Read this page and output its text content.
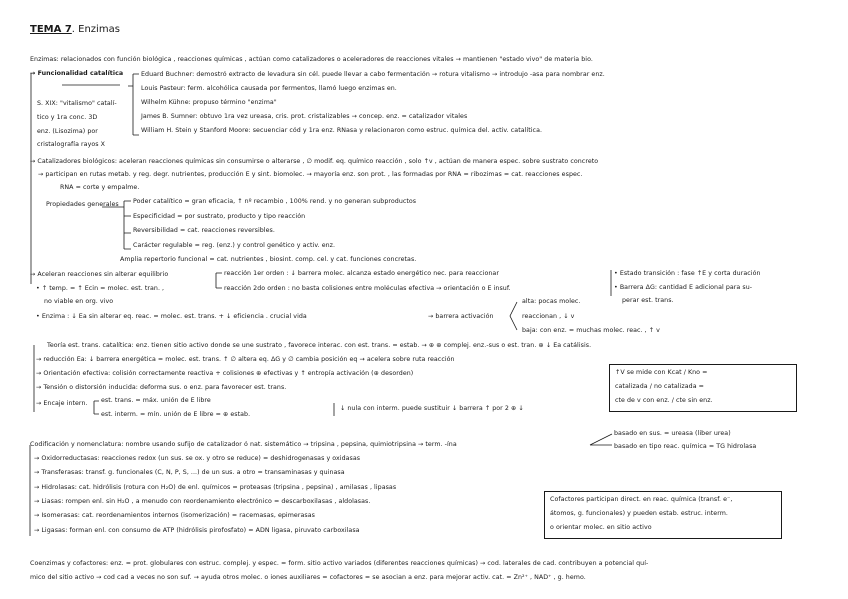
TEMA 7. Enzimas
Enzimas: relacionados con función biológica , reacciones químicas , actúan como catalizadores o aceleradores de reacciones vitales → mantienen "estado vivo" de materia bio.
→ Funcionalidad catalítica	Eduard Buchner: demostró extracto de levadura sin cél. puede llevar a cabo fermentación → rotura vitalismo → introdujo -asa para nombrar enz.
Louis Pasteur: ferm. alcohólica causada por fermentos, llamó luego enzimas en.
Wilhelm Kühne: propuso término "enzima"
James B. Sumner: obtuvo 1ra vez ureasa, cris. prot. cristalizables → concep. enz. = catalizador vitales
William H. Stein y Stanford Moore: secuenciar cód y 1ra enz. RNasa y relacionaron como estruc. química del. activ. catalítica.
S. XIX: "vitalismo" catalí-
tico y 1ra conc. 3D
enz. (Lisozima) por
cristalografía rayos X
→ Catalizadores biológicos: aceleran reacciones químicas sin consumirse o alterarse , ∅ modif. eq. químico reacción , solo ↑v , actúan de manera espec. sobre sustrato concreto
→ participan en rutas metab. y reg. degr. nutrientes, producción E y sint. biomolec. → mayoría enz. son prot. , las formadas por RNA = ribozimas = cat. reacciones espec.
RNA = corte y empalme.
Propiedades generales Poder catalítico = gran eficacia, ↑ nº recambio , 100% rend. y no generan subproductos
Especificidad = por sustrato, producto y tipo reacción
Reversibilidad = cat. reacciones reversibles.
Carácter regulable = reg. (enz.) y control genético y activ. enz.
Amplia repertorio funcional = cat. nutrientes , biosint. comp. cel. y cat. funciones concretas.
→ Aceleran reacciones sin alterar equilibrio	reacción 1er orden : ↓ barrera molec. alcanza estado energético nec. para reaccionar
reacción 2do orden : no basta colisiones entre moléculas efectiva → orientación o E insuf.
• ↑ temp. = ↑ Ecin = molec. est. tran. ,
no viable en org. vivo
• Enzima : ↓ Ea sin alterar eq. reac. = molec. est. trans. + ↓ eficiencia . crucial vida	→ barrera activación
alta: pocas molec.
reaccionan , ↓ v
baja: con enz. = muchas molec. reac. , ↑ v
• Estado transición : fase ↑E y corta duración
• Barrera ΔG: cantidad E adicional para su-
perar est. trans.
Teoría est. trans. catalítica: enz. tienen sitio activo donde se une sustrato , favorece interac. con est. trans. = estab. → ⊕ ⊕ complej. enz.-sus o est. tran. ⊕ ↓ Ea catálisis.
→ reducción Ea: ↓ barrera energética = molec. est. trans. ↑ ∅ altera eq. ΔG y ∅ cambia posición eq → acelera sobre ruta reacción
→ Orientación efectiva: colisión correctamente reactiva + colisiones ⊕ efectivas y ↑ entropía activación (⊕ desorden)
→ Tensión o distorsión inducida: deforma sus. o enz. para favorecer est. trans.
→ Encaje intern. est. trans. = máx. unión de E libre
est. interm. = mín. unión de E libre = ⊕ estab.
↓ nula con interm. puede sustituir ↓ barrera ↑ por 2 ⊕ ↓
↑V se mide con Kcat / Kno =
catalizada / no catalizada =
cte de v con enz. / cte sin enz.
Codificación y nomenclatura: nombre usando sufijo de catalizador ó nat. sistemático → tripsina , pepsina, quimiotripsina → term. -ína
basado en sus. = ureasa (liber urea)
basado en tipo reac. química = TG hidrolasa
→ Oxidorreductasas: reacciones redox (un sus. se ox. y otro se reduce) = deshidrogenasas y oxidasas
→ Transferasas: transf. g. funcionales (C, N, P, S, ...) de un sus. a otro = transaminasas y quinasa
→ Hidrolasas: cat. hidrólisis (rotura con H₂O) de enl. químicos = proteasas (tripsina , pepsina) , amilasas , lipasas
→ Liasas: rompen enl. sin H₂O , a menudo con reordenamiento electrónico = descarboxilasas , aldolasas.
→ Isomerasas: cat. reordenamientos internos (isomerización) = racemasas, epimerasas
→ Ligasas: forman enl. con consumo de ATP (hidrólisis pirofosfato) = ADN ligasa, piruvato carboxilasa
Cofactores participan direct. en reac. química (transf. e⁻,
átomos, g. funcionales) y pueden estab. estruc. interm.
o orientar molec. en sitio activo
Coenzimas y cofactores: enz. = prot. globulares con estruc. complej. y espec. = form. sitio activo variados (diferentes reacciones químicas) → cod. laterales de cad. contribuyen a potencial quí-
mico del sitio activo → cod cad a veces no son suf. → ayuda otros molec. o iones auxiliares = cofactores = se asocian a enz. para mejorar activ. cat. = Zn²⁺ , NAD⁺ , g. hemo.
